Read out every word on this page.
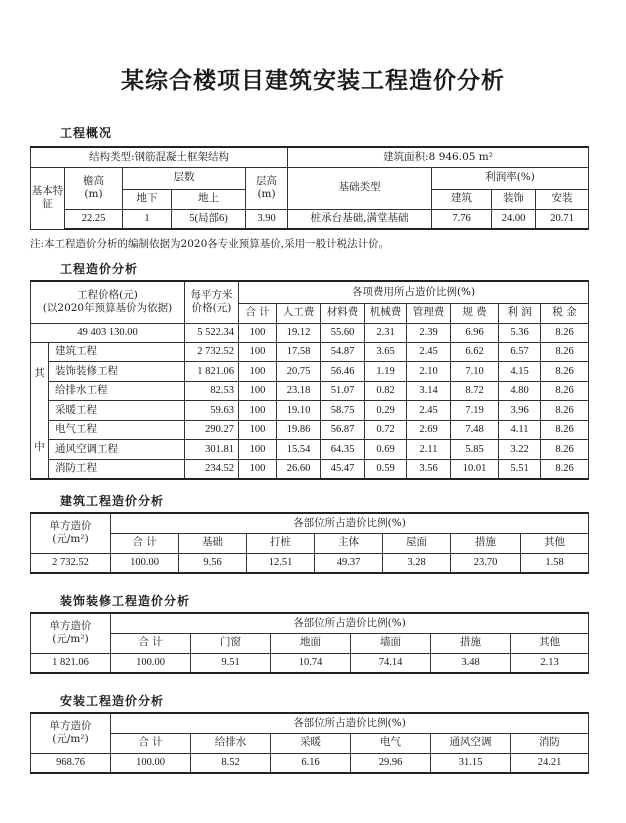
某综合楼项目建筑安装工程造价分析
工程概况
结构类型:钢筋混凝土框架结构					建筑面积:8 946.05 m²			
基本特征	檐高
(m)	层数		层高
(m)	基础类型	利润率(%)		
		地下	地上			建筑	装饰	安装
	22.25	1	5(局部6)	3.90	桩承台基础,满堂基础	7.76	24.00	20.71
注:本工程造价分析的编制依据为2020各专业预算基价,采用一般计税法计价。
工程造价分析
工程价格(元)
(以2020年预算基价为依据)		每平方米
价格(元)	各项费用所占造价比例(%)							
			合 计	人工费	材料费	机械费	管理费	规 费	利 润	税 金
49 403 130.00		5 522.34	100	19.12	55.60	2.31	2.39	6.96	5.36	8.26

其
中	建筑工程	2 732.52	100	17.58	54.87	3.65	2.45	6.62	6.57	8.26
	装饰装修工程	1 821.06	100	20.75	56.46	1.19	2.10	7.10	4.15	8.26
	给排水工程	82.53	100	23.18	51.07	0.82	3.14	8.72	4.80	8.26
	采暖工程	59.63	100	19.10	58.75	0.29	2.45	7.19	3.96	8.26
	电气工程	290.27	100	19.86	56.87	0.72	2.69	7.48	4.11	8.26
	通风空调工程	301.81	100	15.54	64.35	0.69	2.11	5.85	3.22	8.26
	消防工程	234.52	100	26.60	45.47	0.59	3.56	10.01	5.51	8.26
建筑工程造价分析
单方造价
(元/m²)	各部位所占造价比例(%)						
	合 计	基础	打桩	主体	屋面	措施	其他
2 732.52	100.00	9.56	12.51	49.37	3.28	23.70	1.58
装饰装修工程造价分析
单方造价
(元/m²)	各部位所占造价比例(%)					
	合 计	门窗	地面	墙面	措施	其他
1 821.06	100.00	9.51	10.74	74.14	3.48	2.13
安装工程造价分析
单方造价
(元/m²)	各部位所占造价比例(%)					
	合 计	给排水	采暖	电气	通风空调	消防
968.76	100.00	8.52	6.16	29.96	31.15	24.21
